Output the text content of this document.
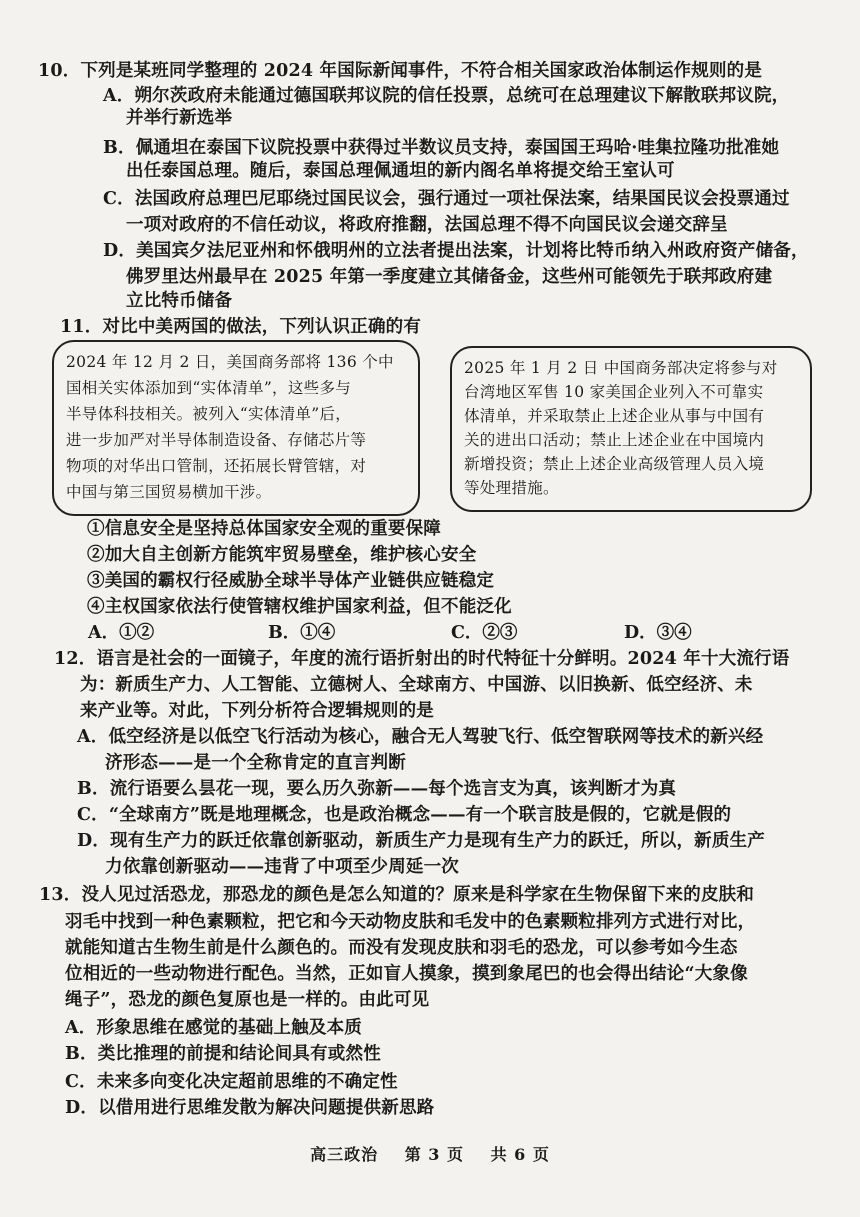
10．下列是某班同学整理的 2024 年国际新闻事件，不符合相关国家政治体制运作规则的是
A．朔尔茨政府未能通过德国联邦议院的信任投票，总统可在总理建议下解散联邦议院，
并举行新选举
B．佩通坦在泰国下议院投票中获得过半数议员支持，泰国国王玛哈·哇集拉隆功批准她
出任泰国总理。随后，泰国总理佩通坦的新内阁名单将提交给王室认可
C．法国政府总理巴尼耶绕过国民议会，强行通过一项社保法案，结果国民议会投票通过
一项对政府的不信任动议，将政府推翻，法国总理不得不向国民议会递交辞呈
D．美国宾夕法尼亚州和怀俄明州的立法者提出法案，计划将比特币纳入州政府资产储备，
佛罗里达州最早在 2025 年第一季度建立其储备金，这些州可能领先于联邦政府建
立比特币储备
11．对比中美两国的做法，下列认识正确的有
2024 年 12 月 2 日，美国商务部将 136 个中
国相关实体添加到“实体清单”，这些多与
半导体科技相关。被列入“实体清单”后，
进一步加严对半导体制造设备、存储芯片等
物项的对华出口管制，还拓展长臂管辖，对
中国与第三国贸易横加干涉。
2025 年 1 月 2 日 中国商务部决定将参与对
台湾地区军售 10 家美国企业列入不可靠实
体清单，并采取禁止上述企业从事与中国有
关的进出口活动；禁止上述企业在中国境内
新增投资；禁止上述企业高级管理人员入境
等处理措施。
①信息安全是坚持总体国家安全观的重要保障
②加大自主创新方能筑牢贸易壁垒，维护核心安全
③美国的霸权行径威胁全球半导体产业链供应链稳定
④主权国家依法行使管辖权维护国家利益，但不能泛化
A．①②	B．①④	C．②③	D．③④
12．语言是社会的一面镜子，年度的流行语折射出的时代特征十分鲜明。2024 年十大流行语
为：新质生产力、人工智能、立德树人、全球南方、中国游、以旧换新、低空经济、未
来产业等。对此，下列分析符合逻辑规则的是
A．低空经济是以低空飞行活动为核心，融合无人驾驶飞行、低空智联网等技术的新兴经
济形态——是一个全称肯定的直言判断
B．流行语要么昙花一现，要么历久弥新——每个选言支为真，该判断才为真
C．“全球南方”既是地理概念，也是政治概念——有一个联言肢是假的，它就是假的
D．现有生产力的跃迁依靠创新驱动，新质生产力是现有生产力的跃迁，所以，新质生产
力依靠创新驱动——违背了中项至少周延一次
13．没人见过活恐龙，那恐龙的颜色是怎么知道的？原来是科学家在生物保留下来的皮肤和
羽毛中找到一种色素颗粒，把它和今天动物皮肤和毛发中的色素颗粒排列方式进行对比，
就能知道古生物生前是什么颜色的。而没有发现皮肤和羽毛的恐龙，可以参考如今生态
位相近的一些动物进行配色。当然，正如盲人摸象，摸到象尾巴的也会得出结论“大象像
绳子”，恐龙的颜色复原也是一样的。由此可见
A．形象思维在感觉的基础上触及本质
B．类比推理的前提和结论间具有或然性
C．未来多向变化决定超前思维的不确定性
D．以借用进行思维发散为解决问题提供新思路
高三政治 第 3 页 共 6 页
